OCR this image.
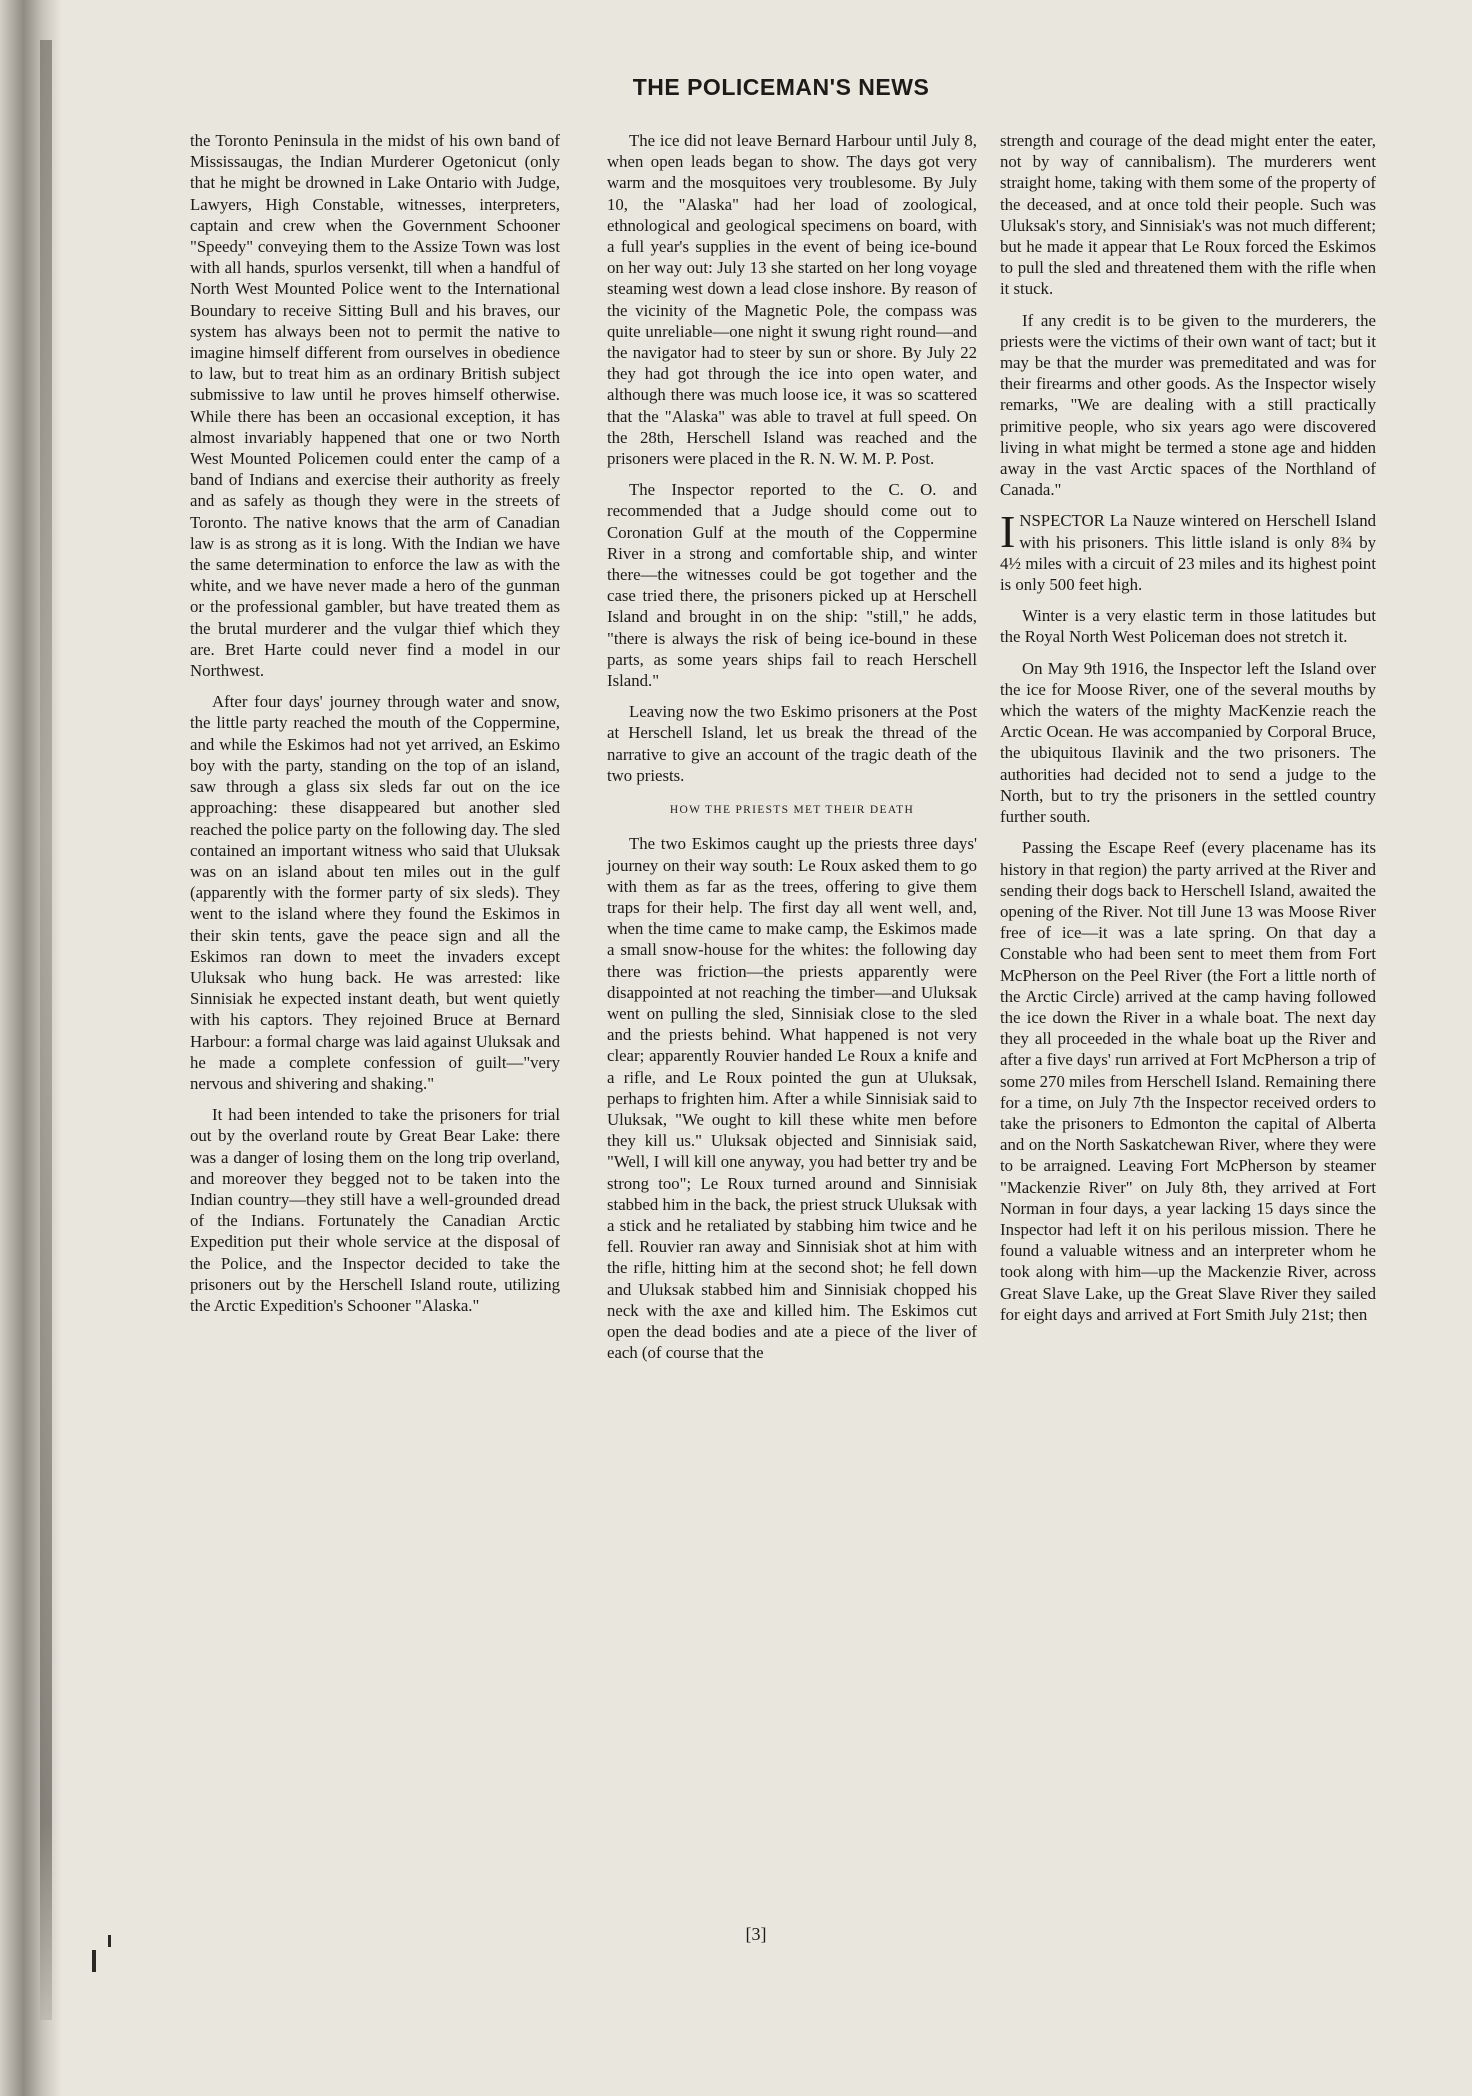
THE POLICEMAN'S NEWS

the Toronto Peninsula in the midst of his own band of Mississaugas, the Indian Murderer Ogetonicut (only that he might be drowned in Lake Ontario with Judge, Lawyers, High Constable, witnesses, interpreters, captain and crew when the Government Schooner "Speedy" conveying them to the Assize Town was lost with all hands, spurlos versenkt, till when a handful of North West Mounted Police went to the International Boundary to receive Sitting Bull and his braves, our system has always been not to permit the native to imagine himself different from ourselves in obedience to law, but to treat him as an ordinary British subject submissive to law until he proves himself otherwise. While there has been an occasional exception, it has almost invariably happened that one or two North West Mounted Policemen could enter the camp of a band of Indians and exercise their authority as freely and as safely as though they were in the streets of Toronto. The native knows that the arm of Canadian law is as strong as it is long. With the Indian we have the same determination to enforce the law as with the white, and we have never made a hero of the gunman or the professional gambler, but have treated them as the brutal murderer and the vulgar thief which they are. Bret Harte could never find a model in our Northwest.

After four days' journey through water and snow, the little party reached the mouth of the Coppermine, and while the Eskimos had not yet arrived, an Eskimo boy with the party, standing on the top of an island, saw through a glass six sleds far out on the ice approaching: these disappeared but another sled reached the police party on the following day. The sled contained an important witness who said that Uluksak was on an island about ten miles out in the gulf (apparently with the former party of six sleds). They went to the island where they found the Eskimos in their skin tents, gave the peace sign and all the Eskimos ran down to meet the invaders except Uluksak who hung back. He was arrested: like Sinnisiak he expected instant death, but went quietly with his captors. They rejoined Bruce at Bernard Harbour: a formal charge was laid against Uluksak and he made a complete confession of guilt—"very nervous and shivering and shaking."

It had been intended to take the prisoners for trial out by the overland route by Great Bear Lake: there was a danger of losing them on the long trip overland, and moreover they begged not to be taken into the Indian country—they still have a well-grounded dread of the Indians. Fortunately the Canadian Arctic Expedition put their whole service at the disposal of the Police, and the Inspector decided to take the prisoners out by the Herschell Island route, utilizing the Arctic Expedition's Schooner "Alaska."

The ice did not leave Bernard Harbour until July 8, when open leads began to show. The days got very warm and the mosquitoes very troublesome. By July 10, the "Alaska" had her load of zoological, ethnological and geological specimens on board, with a full year's supplies in the event of being ice-bound on her way out: July 13 she started on her long voyage steaming west down a lead close inshore. By reason of the vicinity of the Magnetic Pole, the compass was quite unreliable—one night it swung right round—and the navigator had to steer by sun or shore. By July 22 they had got through the ice into open water, and although there was much loose ice, it was so scattered that the "Alaska" was able to travel at full speed. On the 28th, Herschell Island was reached and the prisoners were placed in the R. N. W. M. P. Post.

The Inspector reported to the C. O. and recommended that a Judge should come out to Coronation Gulf at the mouth of the Coppermine River in a strong and comfortable ship, and winter there—the witnesses could be got together and the case tried there, the prisoners picked up at Herschell Island and brought in on the ship: "still," he adds, "there is always the risk of being ice-bound in these parts, as some years ships fail to reach Herschell Island."

Leaving now the two Eskimo prisoners at the Post at Herschell Island, let us break the thread of the narrative to give an account of the tragic death of the two priests.

HOW THE PRIESTS MET THEIR DEATH

The two Eskimos caught up the priests three days' journey on their way south: Le Roux asked them to go with them as far as the trees, offering to give them traps for their help. The first day all went well, and, when the time came to make camp, the Eskimos made a small snow-house for the whites: the following day there was friction—the priests apparently were disappointed at not reaching the timber—and Uluksak went on pulling the sled, Sinnisiak close to the sled and the priests behind. What happened is not very clear; apparently Rouvier handed Le Roux a knife and a rifle, and Le Roux pointed the gun at Uluksak, perhaps to frighten him. After a while Sinnisiak said to Uluksak, "We ought to kill these white men before they kill us." Uluksak objected and Sinnisiak said, "Well, I will kill one anyway, you had better try and be strong too"; Le Roux turned around and Sinnisiak stabbed him in the back, the priest struck Uluksak with a stick and he retaliated by stabbing him twice and he fell. Rouvier ran away and Sinnisiak shot at him with the rifle, hitting him at the second shot; he fell down and Uluksak stabbed him and Sinnisiak chopped his neck with the axe and killed him. The Eskimos cut open the dead bodies and ate a piece of the liver of each (of course that the

strength and courage of the dead might enter the eater, not by way of cannibalism). The murderers went straight home, taking with them some of the property of the deceased, and at once told their people. Such was Uluksak's story, and Sinnisiak's was not much different; but he made it appear that Le Roux forced the Eskimos to pull the sled and threatened them with the rifle when it stuck.

If any credit is to be given to the murderers, the priests were the victims of their own want of tact; but it may be that the murder was premeditated and was for their firearms and other goods. As the Inspector wisely remarks, "We are dealing with a still practically primitive people, who six years ago were discovered living in what might be termed a stone age and hidden away in the vast Arctic spaces of the Northland of Canada."

INSPECTOR La Nauze wintered on Herschell Island with his prisoners. This little island is only 8¾ by 4½ miles with a circuit of 23 miles and its highest point is only 500 feet high.

Winter is a very elastic term in those latitudes but the Royal North West Policeman does not stretch it.

On May 9th 1916, the Inspector left the Island over the ice for Moose River, one of the several mouths by which the waters of the mighty MacKenzie reach the Arctic Ocean. He was accompanied by Corporal Bruce, the ubiquitous Ilavinik and the two prisoners. The authorities had decided not to send a judge to the North, but to try the prisoners in the settled country further south.

Passing the Escape Reef (every placename has its history in that region) the party arrived at the River and sending their dogs back to Herschell Island, awaited the opening of the River. Not till June 13 was Moose River free of ice—it was a late spring. On that day a Constable who had been sent to meet them from Fort McPherson on the Peel River (the Fort a little north of the Arctic Circle) arrived at the camp having followed the ice down the River in a whale boat. The next day they all proceeded in the whale boat up the River and after a five days' run arrived at Fort McPherson a trip of some 270 miles from Herschell Island. Remaining there for a time, on July 7th the Inspector received orders to take the prisoners to Edmonton the capital of Alberta and on the North Saskatchewan River, where they were to be arraigned. Leaving Fort McPherson by steamer "Mackenzie River" on July 8th, they arrived at Fort Norman in four days, a year lacking 15 days since the Inspector had left it on his perilous mission. There he found a valuable witness and an interpreter whom he took along with him—up the Mackenzie River, across Great Slave Lake, up the Great Slave River they sailed for eight days and arrived at Fort Smith July 21st; then

[3]
